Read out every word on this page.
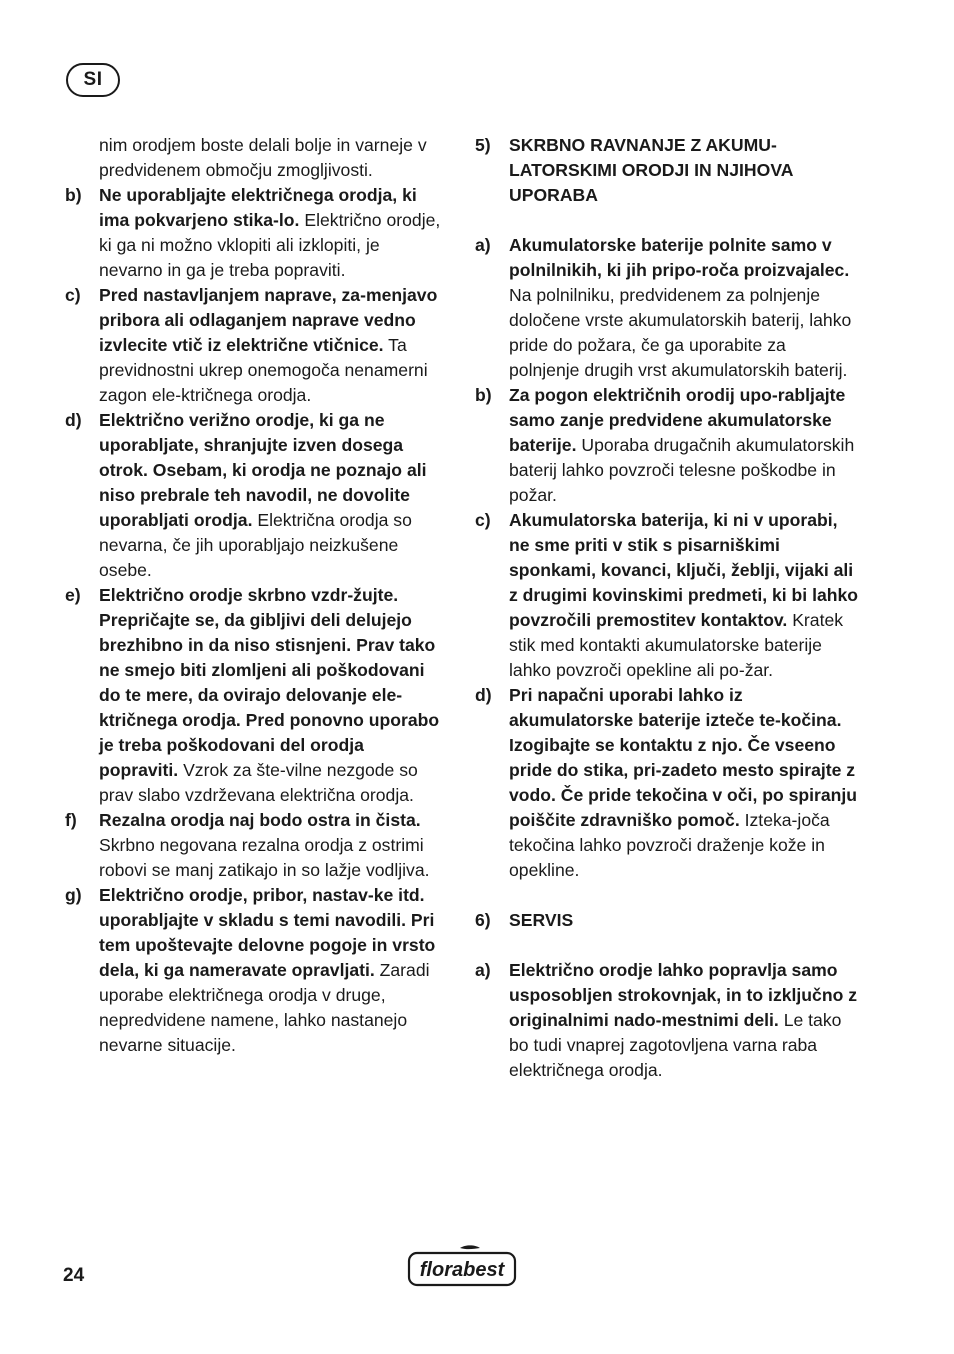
SI
nim orodjem boste delali bolje in varneje v predvidenem območju zmogljivosti.
b) Ne uporabljajte električnega orodja, ki ima pokvarjeno stika-lo. Električno orodje, ki ga ni možno vklopiti ali izklopiti, je nevarno in ga je treba popraviti.
c) Pred nastavljanjem naprave, za-menjavo pribora ali odlaganjem naprave vedno izvlecite vtič iz električne vtičnice. Ta previdnostni ukrep onemogoča nenamerni zagon ele-ktričnega orodja.
d) Električno verižno orodje, ki ga ne uporabljate, shranjujte izven dosega otrok. Osebam, ki orodja ne poznajo ali niso prebrale teh navodil, ne dovolite uporabljati orodja. Električna orodja so nevarna, če jih uporabljajo neizkušene osebe.
e) Električno orodje skrbno vzdr-žujte. Prepričajte se, da gibljivi deli delujejo brezhibno in da niso stisnjeni. Prav tako ne smejo biti zlomljeni ali poškodovani do te mere, da ovirajo delovanje ele-ktričnega orodja. Pred ponovno uporabo je treba poškodovani del orodja popraviti. Vzrok za šte-vilne nezgode so prav slabo vzdrževana električna orodja.
f) Rezalna orodja naj bodo ostra in čista. Skrbno negovana rezalna orodja z ostrimi robovi se manj zatikajo in so lažje vodljiva.
g) Električno orodje, pribor, nastav-ke itd. uporabljajte v skladu s temi navodili. Pri tem upoštevajte delovne pogoje in vrsto dela, ki ga nameravate opravljati. Zaradi uporabe električnega orodja v druge, nepredvidene namene, lahko nastanejo nevarne situacije.
5) SKRBNO RAVNANJE Z AKUMU-LATORSKIMI ORODJI IN NJIHOVA UPORABA
a) Akumulatorske baterije polnite samo v polnilnikih, ki jih pripo-roča proizvajalec. Na polnilniku, predvidenem za polnjenje določene vrste akumulatorskih baterij, lahko pride do požara, če ga uporabite za polnjenje drugih vrst akumulatorskih baterij.
b) Za pogon električnih orodij upo-rabljajte samo zanje predvidene akumulatorske baterije. Uporaba drugačnih akumulatorskih baterij lahko povzroči telesne poškodbe in požar.
c) Akumulatorska baterija, ki ni v uporabi, ne sme priti v stik s pisarniškimi sponkami, kovanci, ključi, žeblji, vijaki ali z drugimi kovinskimi predmeti, ki bi lahko povzročili premostitev kontaktov. Kratek stik med kontakti akumulatorske baterije lahko povzroči opekline ali po-žar.
d) Pri napačni uporabi lahko iz akumulatorske baterije izteče te-kočina. Izogibajte se kontaktu z njo. Če vseeno pride do stika, pri-zadeto mesto spirajte z vodo. Če pride tekočina v oči, po spiranju poiščite zdravniško pomoč. Izteka-joča tekočina lahko povzroči draženje kože in opekline.
6) SERVIS
a) Električno orodje lahko popravlja samo usposobljen strokovnjak, in to izključno z originalnimi nado-mestnimi deli. Le tako bo tudi vnaprej zagotovljena varna raba električnega orodja.
24	florabest
